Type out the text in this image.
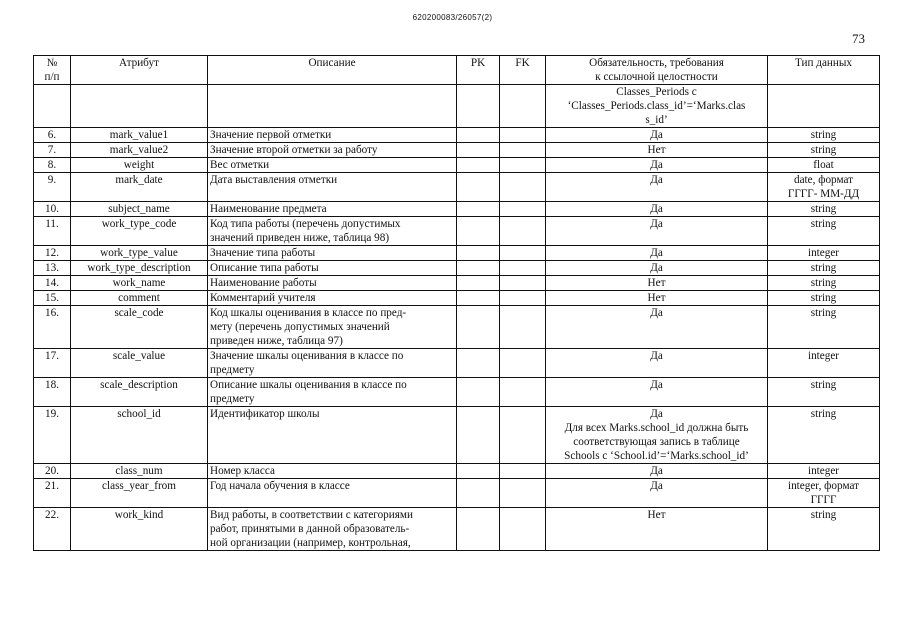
620200083/26057(2)
73
№
п/п	Атрибут	Описание	PK	FK	Обязательность, требования
к ссылочной целостности	Тип данных
					Classes_Periods с
‘Classes_Periods.class_id’=‘Marks.clas
s_id’	
6.	mark_value1	Значение первой отметки			Да	string
7.	mark_value2	Значение второй отметки за работу			Нет	string
8.	weight	Вес отметки			Да	float
9.	mark_date	Дата выставления отметки			Да	date, формат
ГГГГ- ММ-ДД
10.	subject_name	Наименование предмета			Да	string
11.	work_type_code	Код типа работы (перечень допустимых
значений приведен ниже, таблица 98)			Да	string
12.	work_type_value	Значение типа работы			Да	integer
13.	work_type_description	Описание типа работы			Да	string
14.	work_name	Наименование работы			Нет	string
15.	comment	Комментарий учителя			Нет	string
16.	scale_code	Код шкалы оценивания в классе по пред-
мету (перечень допустимых значений
приведен ниже, таблица 97)			Да	string
17.	scale_value	Значение шкалы оценивания в классе по
предмету			Да	integer
18.	scale_description	Описание шкалы оценивания в классе по
предмету			Да	string
19.	school_id	Идентификатор школы			Да
Для всех Marks.school_id должна быть
соответствующая запись в таблице
Schools с ‘School.id’=‘Marks.school_id’	string
20.	class_num	Номер класса			Да	integer
21.	class_year_from	Год начала обучения в классе			Да	integer, формат
ГГГГ
22.	work_kind	Вид работы, в соответствии с категориями
работ, принятыми в данной образователь-
ной организации (например, контрольная,			Нет	string
